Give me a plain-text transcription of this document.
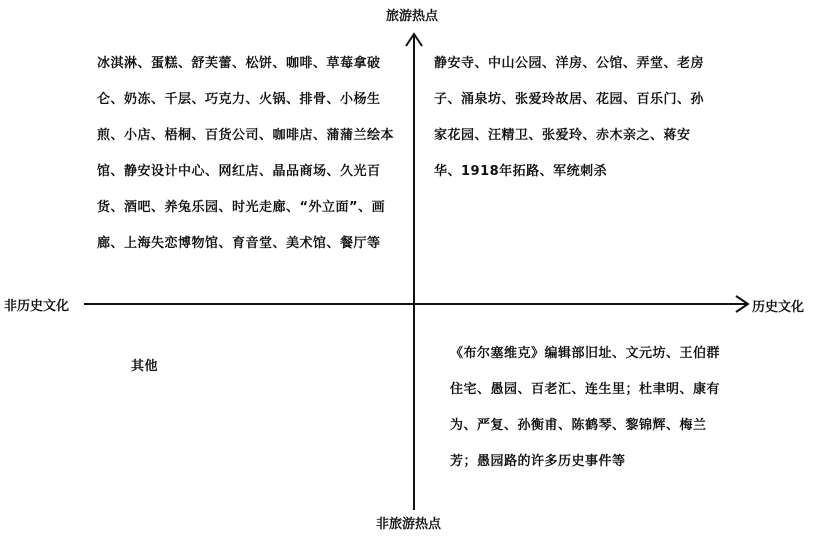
旅游热点
非旅游热点
非历史文化	历史文化
冰淇淋、蛋糕、舒芙蕾、松饼、咖啡、草莓拿破仑、奶冻、千层、巧克力、火锅、排骨、小杨生煎、小店、梧桐、百货公司、咖啡店、蒲蒲兰绘本馆、静安设计中心、网红店、晶品商场、久光百货、酒吧、养兔乐园、时光走廊、“外立面”、画廊、上海失恋博物馆、育音堂、美术馆、餐厅等
静安寺、中山公园、洋房、公馆、弄堂、老房子、涌泉坊、张爱玲故居、花园、百乐门、孙家花园、汪精卫、张爱玲、赤木亲之、蒋安华、1918年拓路、军统刺杀
其他
《布尔塞维克》编辑部旧址、文元坊、王伯群住宅、愚园、百老汇、连生里；杜聿明、康有为、严复、孙衡甫、陈鹤琴、黎锦辉、梅兰芳；愚园路的许多历史事件等
